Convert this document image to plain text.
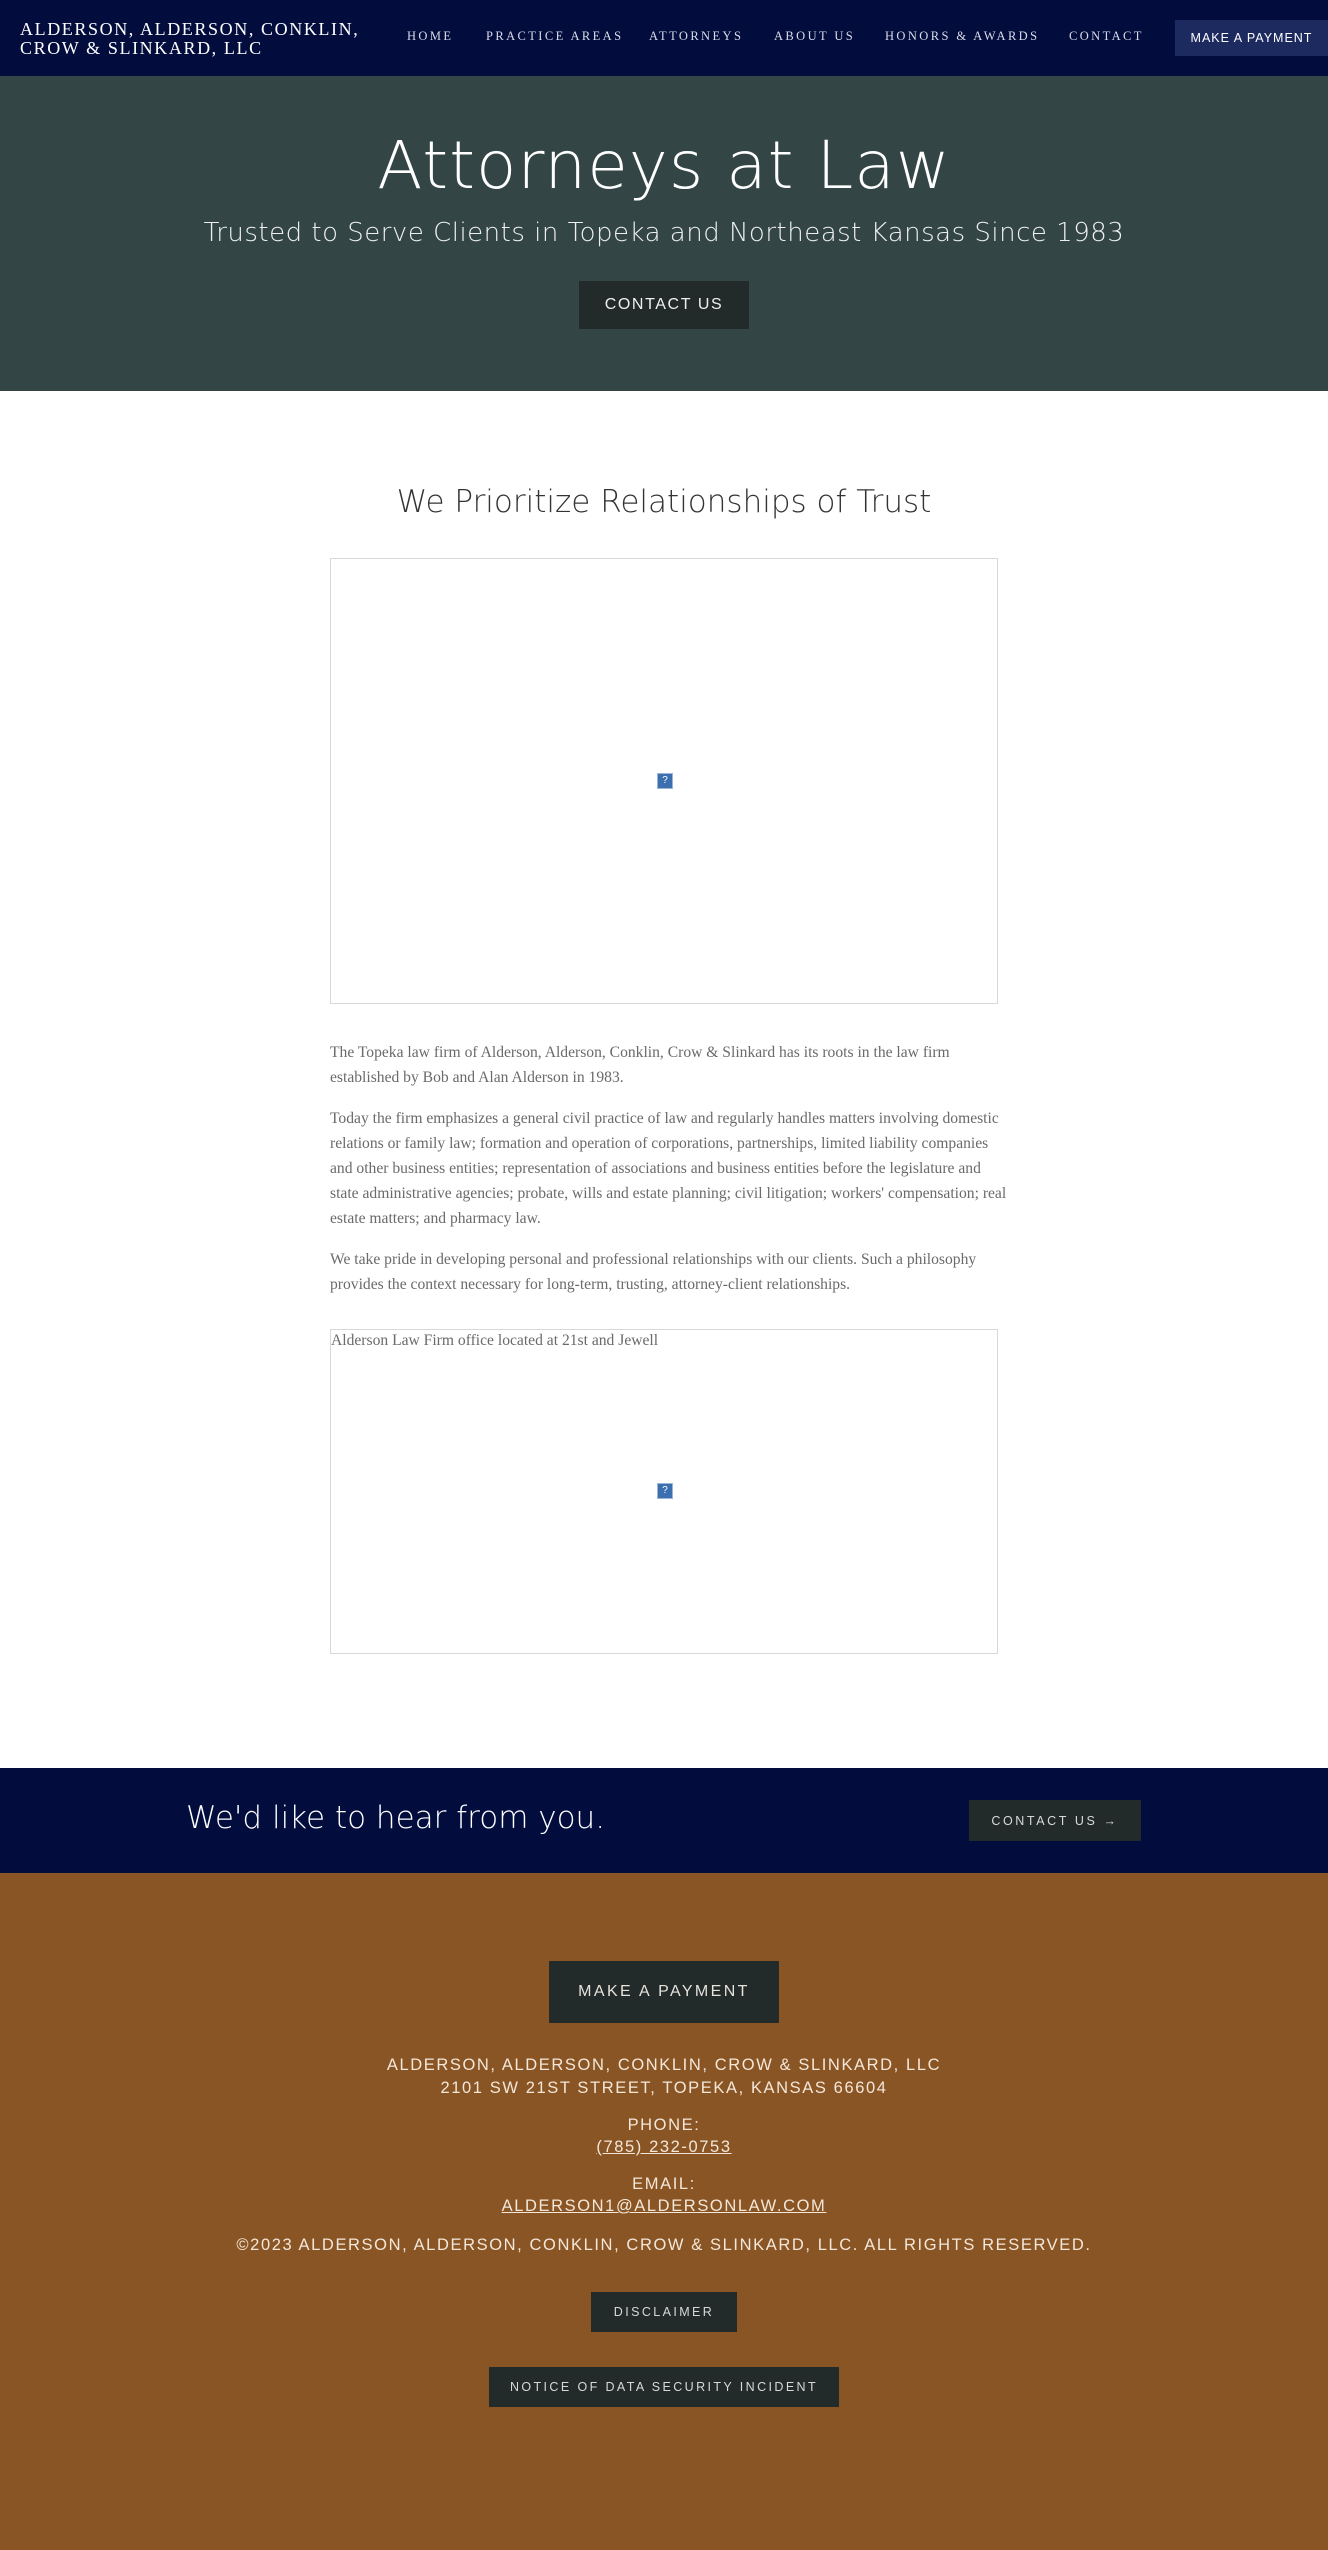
ALDERSON, ALDERSON, CONKLIN, CROW & SLINKARD, LLC
HOME	PRACTICE AREAS ATTORNEYS ABOUT US HONORS & AWARDS CONTACT	MAKE A PAYMENT
Attorneys at Law
Trusted to Serve Clients in Topeka and Northeast Kansas Since 1983
CONTACT US
We Prioritize Relationships of Trust
?

The Topeka law firm of Alderson, Alderson, Conklin, Crow & Slinkard has its roots in the law firm established by Bob and Alan Alderson in 1983.

Today the firm emphasizes a general civil practice of law and regularly handles matters involving domestic relations or family law; formation and operation of corporations, partnerships, limited liability companies and other business entities; representation of associations and business entities before the legislature and state administrative agencies; probate, wills and estate planning; civil litigation; workers' compensation; real estate matters; and pharmacy law.

We take pride in developing personal and professional relationships with our clients. Such a philosophy provides the context necessary for long-term, trusting, attorney-client relationships.

Alderson Law Firm office located at 21st and Jewell
?
We'd like to hear from you.	CONTACT US →
MAKE A PAYMENT
ALDERSON, ALDERSON, CONKLIN, CROW & SLINKARD, LLC
2101 SW 21ST STREET, TOPEKA, KANSAS 66604
PHONE:
(785) 232-0753
EMAIL:
ALDERSON1@ALDERSONLAW.COM
©2023 ALDERSON, ALDERSON, CONKLIN, CROW & SLINKARD, LLC. ALL RIGHTS RESERVED.
DISCLAIMER
NOTICE OF DATA SECURITY INCIDENT
